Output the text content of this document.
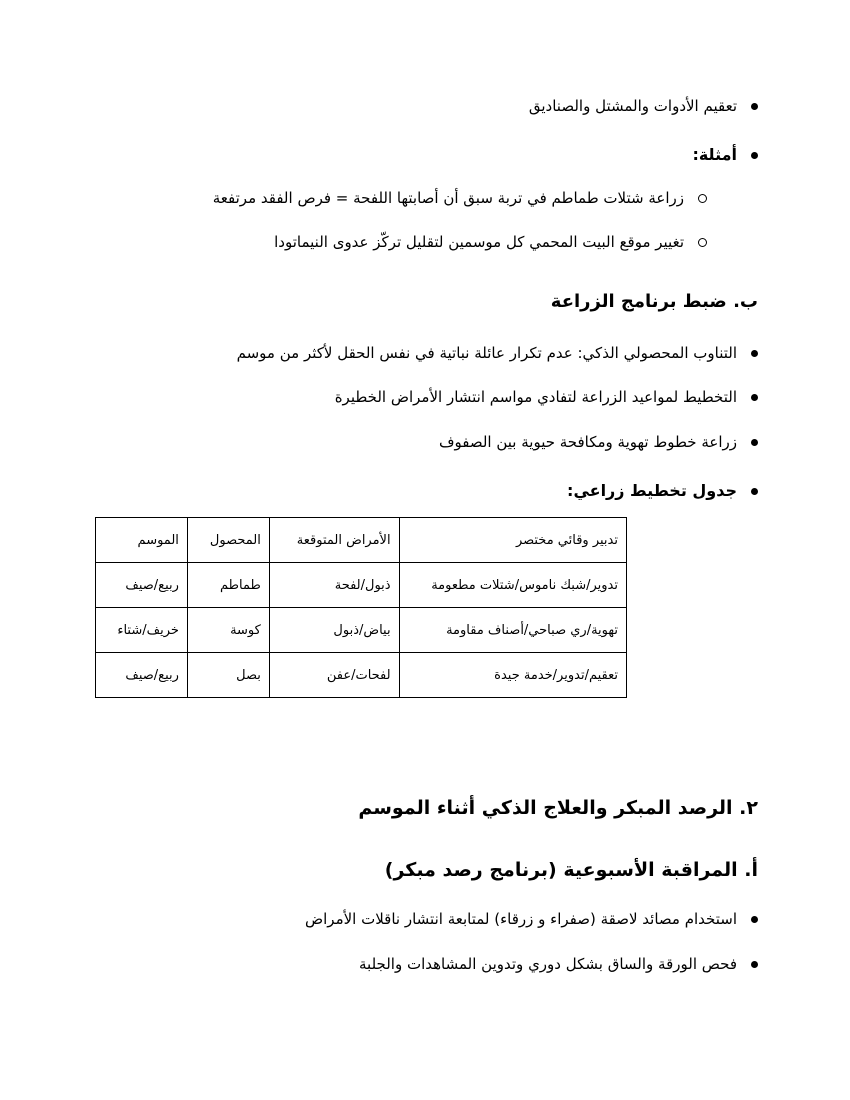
تعقيم الأدوات والمشتل والصناديق
أمثلة:
زراعة شتلات طماطم في تربة سبق أن أصابتها اللفحة = فرص الفقد مرتفعة
تغيير موقع البيت المحمي كل موسمين لتقليل تركّز عدوى النيماتودا
ب. ضبط برنامج الزراعة
التناوب المحصولي الذكي: عدم تكرار عائلة نباتية في نفس الحقل لأكثر من موسم
التخطيط لمواعيد الزراعة لتفادي مواسم انتشار الأمراض الخطيرة
زراعة خطوط تهوية ومكافحة حيوية بين الصفوف
جدول تخطيط زراعي:
تدبير وقائي مختصر	الأمراض المتوقعة	المحصول	الموسم
تدوير/شبك ناموس/شتلات مطعومة	ذبول/لفحة	طماطم	ربيع/صيف
تهوية/ري صباحي/أصناف مقاومة	بياض/ذبول	كوسة	خريف/شتاء
تعقيم/تدوير/خدمة جيدة	لفحات/عفن	بصل	ربيع/صيف
٢. الرصد المبكر والعلاج الذكي أثناء الموسم
أ. المراقبة الأسبوعية (برنامج رصد مبكر)
استخدام مصائد لاصقة (صفراء و زرقاء) لمتابعة انتشار ناقلات الأمراض
فحص الورقة والساق بشكل دوري وتدوين المشاهدات والجلبة
